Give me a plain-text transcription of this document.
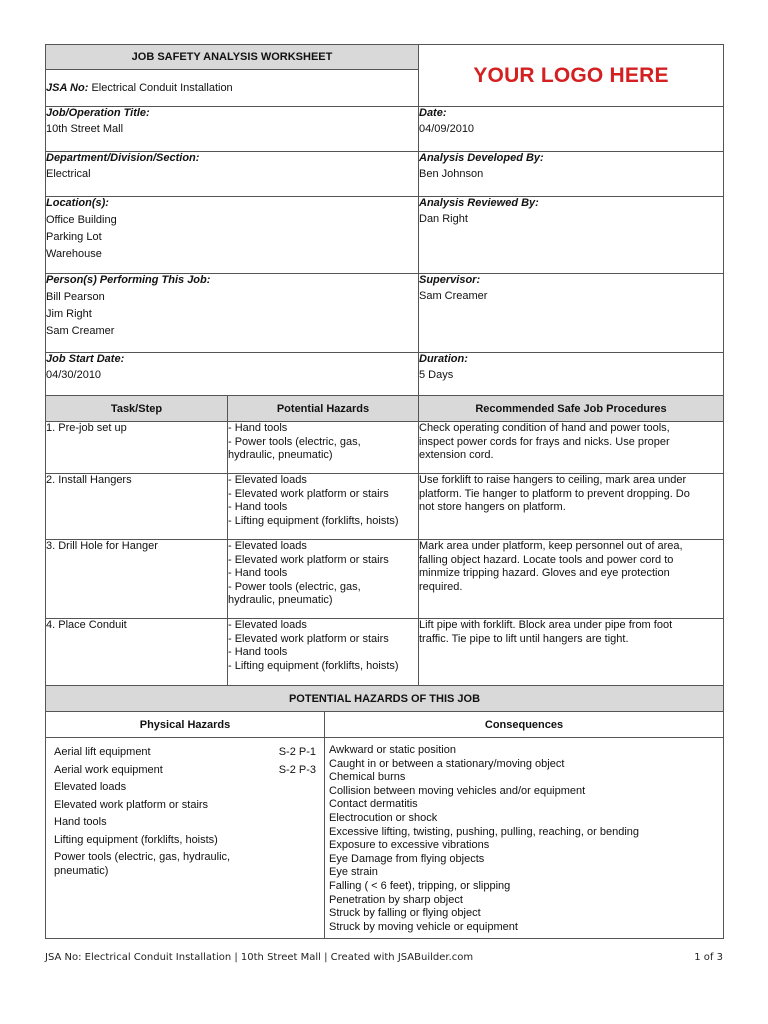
JOB SAFETY ANALYSIS WORKSHEET	YOUR LOGO HERE
JSA No: Electrical Conduit Installation	

Job/Operation Title:
10th Street Mall	Date:
04/09/2010

Department/Division/Section:
Electrical	Analysis Developed By:
Ben Johnson

Location(s):
Office Building
Parking Lot
Warehouse	Analysis Reviewed By:
Dan Right

Person(s) Performing This Job:
Bill Pearson
Jim Right
Sam Creamer	Supervisor:
Sam Creamer

Job Start Date:
04/30/2010	Duration:
5 Days
Task/Step	Potential Hazards	Recommended Safe Job Procedures

1. Pre-job set up	- Hand tools
- Power tools (electric, gas,
hydraulic, pneumatic)	Check operating condition of hand and power tools,
inspect power cords for frays and nicks. Use proper
extension cord.

2. Install Hangers	- Elevated loads
- Elevated work platform or stairs
- Hand tools
- Lifting equipment (forklifts, hoists)	Use forklift to raise hangers to ceiling, mark area under
platform. Tie hanger to platform to prevent dropping. Do
not store hangers on platform.

3. Drill Hole for Hanger	- Elevated loads
- Elevated work platform or stairs
- Hand tools
- Power tools (electric, gas,
hydraulic, pneumatic)	Mark area under platform, keep personnel out of area,
falling object hazard. Locate tools and power cord to
minmize tripping hazard. Gloves and eye protection
required.

4. Place Conduit	- Elevated loads
- Elevated work platform or stairs
- Hand tools
- Lifting equipment (forklifts, hoists)	Lift pipe with forklift. Block area under pipe from foot
traffic. Tie pipe to lift until hangers are tight.
POTENTIAL HAZARDS OF THIS JOB
Physical Hazards	Consequences

Aerial lift equipment	S-2 P-1
Aerial work equipment	S-2 P-3
Elevated loads	
Elevated work platform or stairs	
Hand tools	
Lifting equipment (forklifts, hoists)	
Power tools (electric, gas, hydraulic,	
pneumatic)	

Awkward or static position
Caught in or between a stationary/moving object
Chemical burns
Collision between moving vehicles and/or equipment
Contact dermatitis
Electrocution or shock
Excessive lifting, twisting, pushing, pulling, reaching, or bending
Exposure to excessive vibrations
Eye Damage from flying objects
Eye strain
Falling ( < 6 feet), tripping, or slipping
Penetration by sharp object
Struck by falling or flying object
Struck by moving vehicle or equipment
JSA No: Electrical Conduit Installation | 10th Street Mall | Created with JSABuilder.com	1 of 3
